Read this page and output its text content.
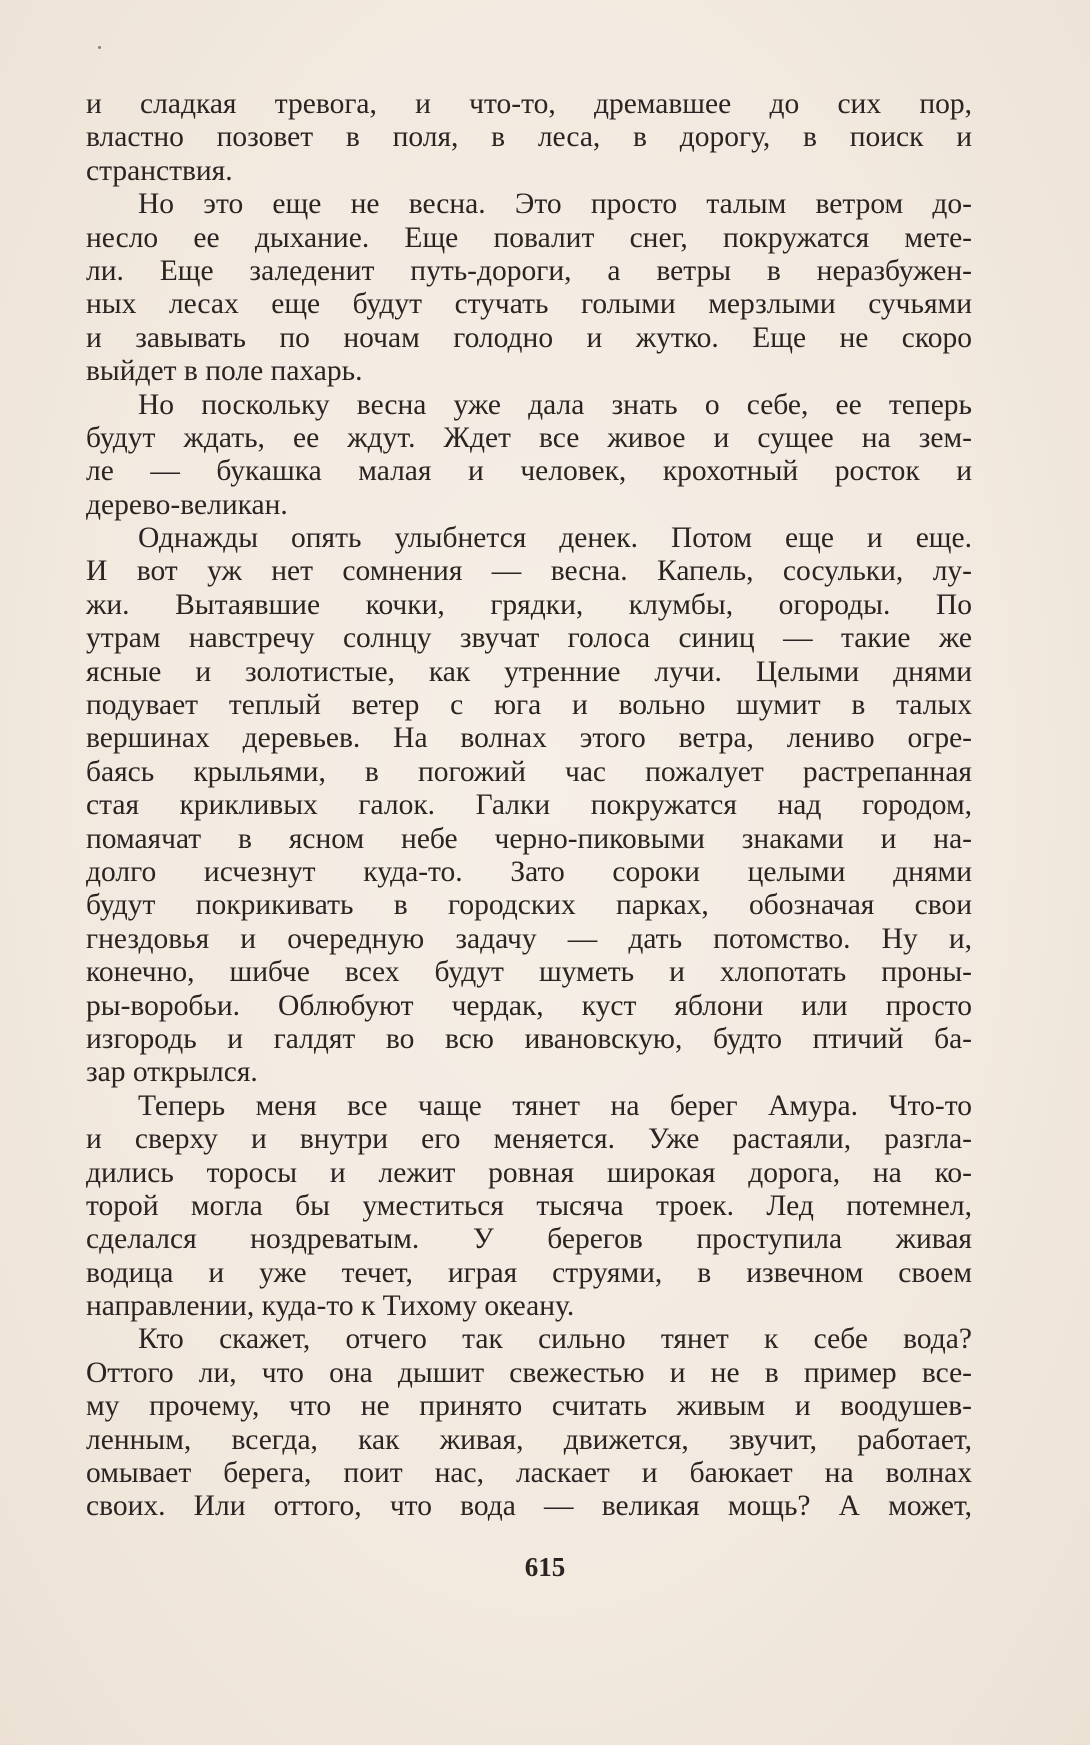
и сладкая тревога, и что-то, дремавшее до сих пор,
властно позовет в поля, в леса, в дорогу, в поиск и
странствия.
Но это еще не весна. Это просто талым ветром до-
несло ее дыхание. Еще повалит снег, покружатся мете-
ли. Еще заледенит путь-дороги, а ветры в неразбужен-
ных лесах еще будут стучать голыми мерзлыми сучьями
и завывать по ночам голодно и жутко. Еще не скоро
выйдет в поле пахарь.
Но поскольку весна уже дала знать о себе, ее теперь
будут ждать, ее ждут. Ждет все живое и сущее на зем-
ле — букашка малая и человек, крохотный росток и
дерево-великан.
Однажды опять улыбнется денек. Потом еще и еще.
И вот уж нет сомнения — весна. Капель, сосульки, лу-
жи. Вытаявшие кочки, грядки, клумбы, огороды. По
утрам навстречу солнцу звучат голоса синиц — такие же
ясные и золотистые, как утренние лучи. Целыми днями
подувает теплый ветер с юга и вольно шумит в талых
вершинах деревьев. На волнах этого ветра, лениво огре-
баясь крыльями, в погожий час пожалует растрепанная
стая крикливых галок. Галки покружатся над городом,
помаячат в ясном небе черно-пиковыми знаками и на-
долго исчезнут куда-то. Зато сороки целыми днями
будут покрикивать в городских парках, обозначая свои
гнездовья и очередную задачу — дать потомство. Ну и,
конечно, шибче всех будут шуметь и хлопотать проны-
ры-воробьи. Облюбуют чердак, куст яблони или просто
изгородь и галдят во всю ивановскую, будто птичий ба-
зар открылся.
Теперь меня все чаще тянет на берег Амура. Что-то
и сверху и внутри его меняется. Уже растаяли, разгла-
дились торосы и лежит ровная широкая дорога, на ко-
торой могла бы уместиться тысяча троек. Лед потемнел,
сделался ноздреватым. У берегов проступила живая
водица и уже течет, играя струями, в извечном своем
направлении, куда-то к Тихому океану.
Кто скажет, отчего так сильно тянет к себе вода?
Оттого ли, что она дышит свежестью и не в пример все-
му прочему, что не принято считать живым и воодушев-
ленным, всегда, как живая, движется, звучит, работает,
омывает берега, поит нас, ласкает и баюкает на волнах
своих. Или оттого, что вода — великая мощь? А может,
615
